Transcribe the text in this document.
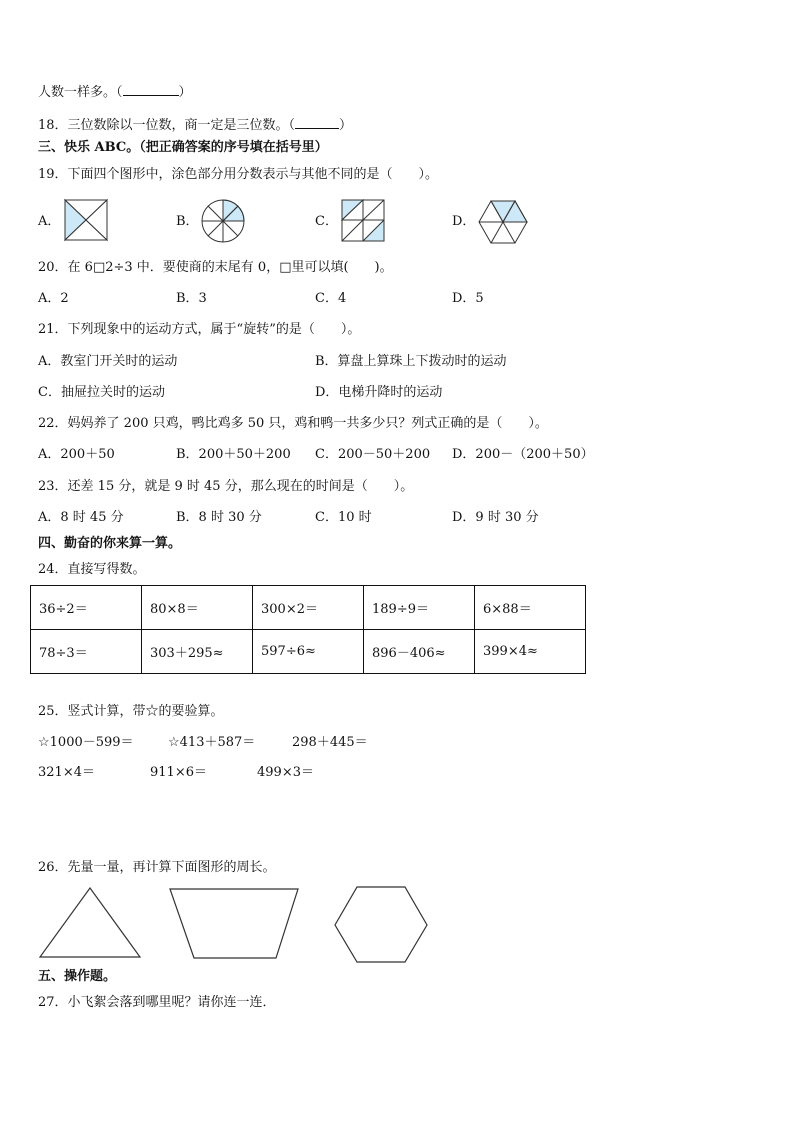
人数一样多。（	）
18．三位数除以一位数，商一定是三位数。（	）
三、快乐 ABC。（把正确答案的序号填在括号里）
19．下面四个图形中，涂色部分用分数表示与其他不同的是（　　）。
A．	B．	C．	D．
20．在 6□2÷3 中．要使商的末尾有 0，□里可以填(　　)。
A．2	B．3	C．4	D．5
21．下列现象中的运动方式，属于“旋转”的是（　　）。
A．教室门开关时的运动	B．算盘上算珠上下拨动时的运动
C．抽屉拉关时的运动	D．电梯升降时的运动
22．妈妈养了 200 只鸡，鸭比鸡多 50 只，鸡和鸭一共多少只？列式正确的是（　　）。
A．200＋50	B．200＋50＋200 C．200－50＋200 D．200－（200＋50）
23．还差 15 分，就是 9 时 45 分，那么现在的时间是（　　）。
A．8 时 45 分	B．8 时 30 分	C．10 时	D．9 时 30 分
四、勤奋的你来算一算。
24．直接写得数。
36÷2＝	80×8＝	300×2＝	189÷9＝	6×88＝
78÷3＝	303＋295≈	597÷6≈	896－406≈	399×4≈
25．竖式计算，带☆的要验算。
☆1000－599＝	☆413＋587＝	298＋445＝
321×4＝	911×6＝	499×3＝
26．先量一量，再计算下面图形的周长。
五、操作题。
27．小飞絮会落到哪里呢？请你连一连．
